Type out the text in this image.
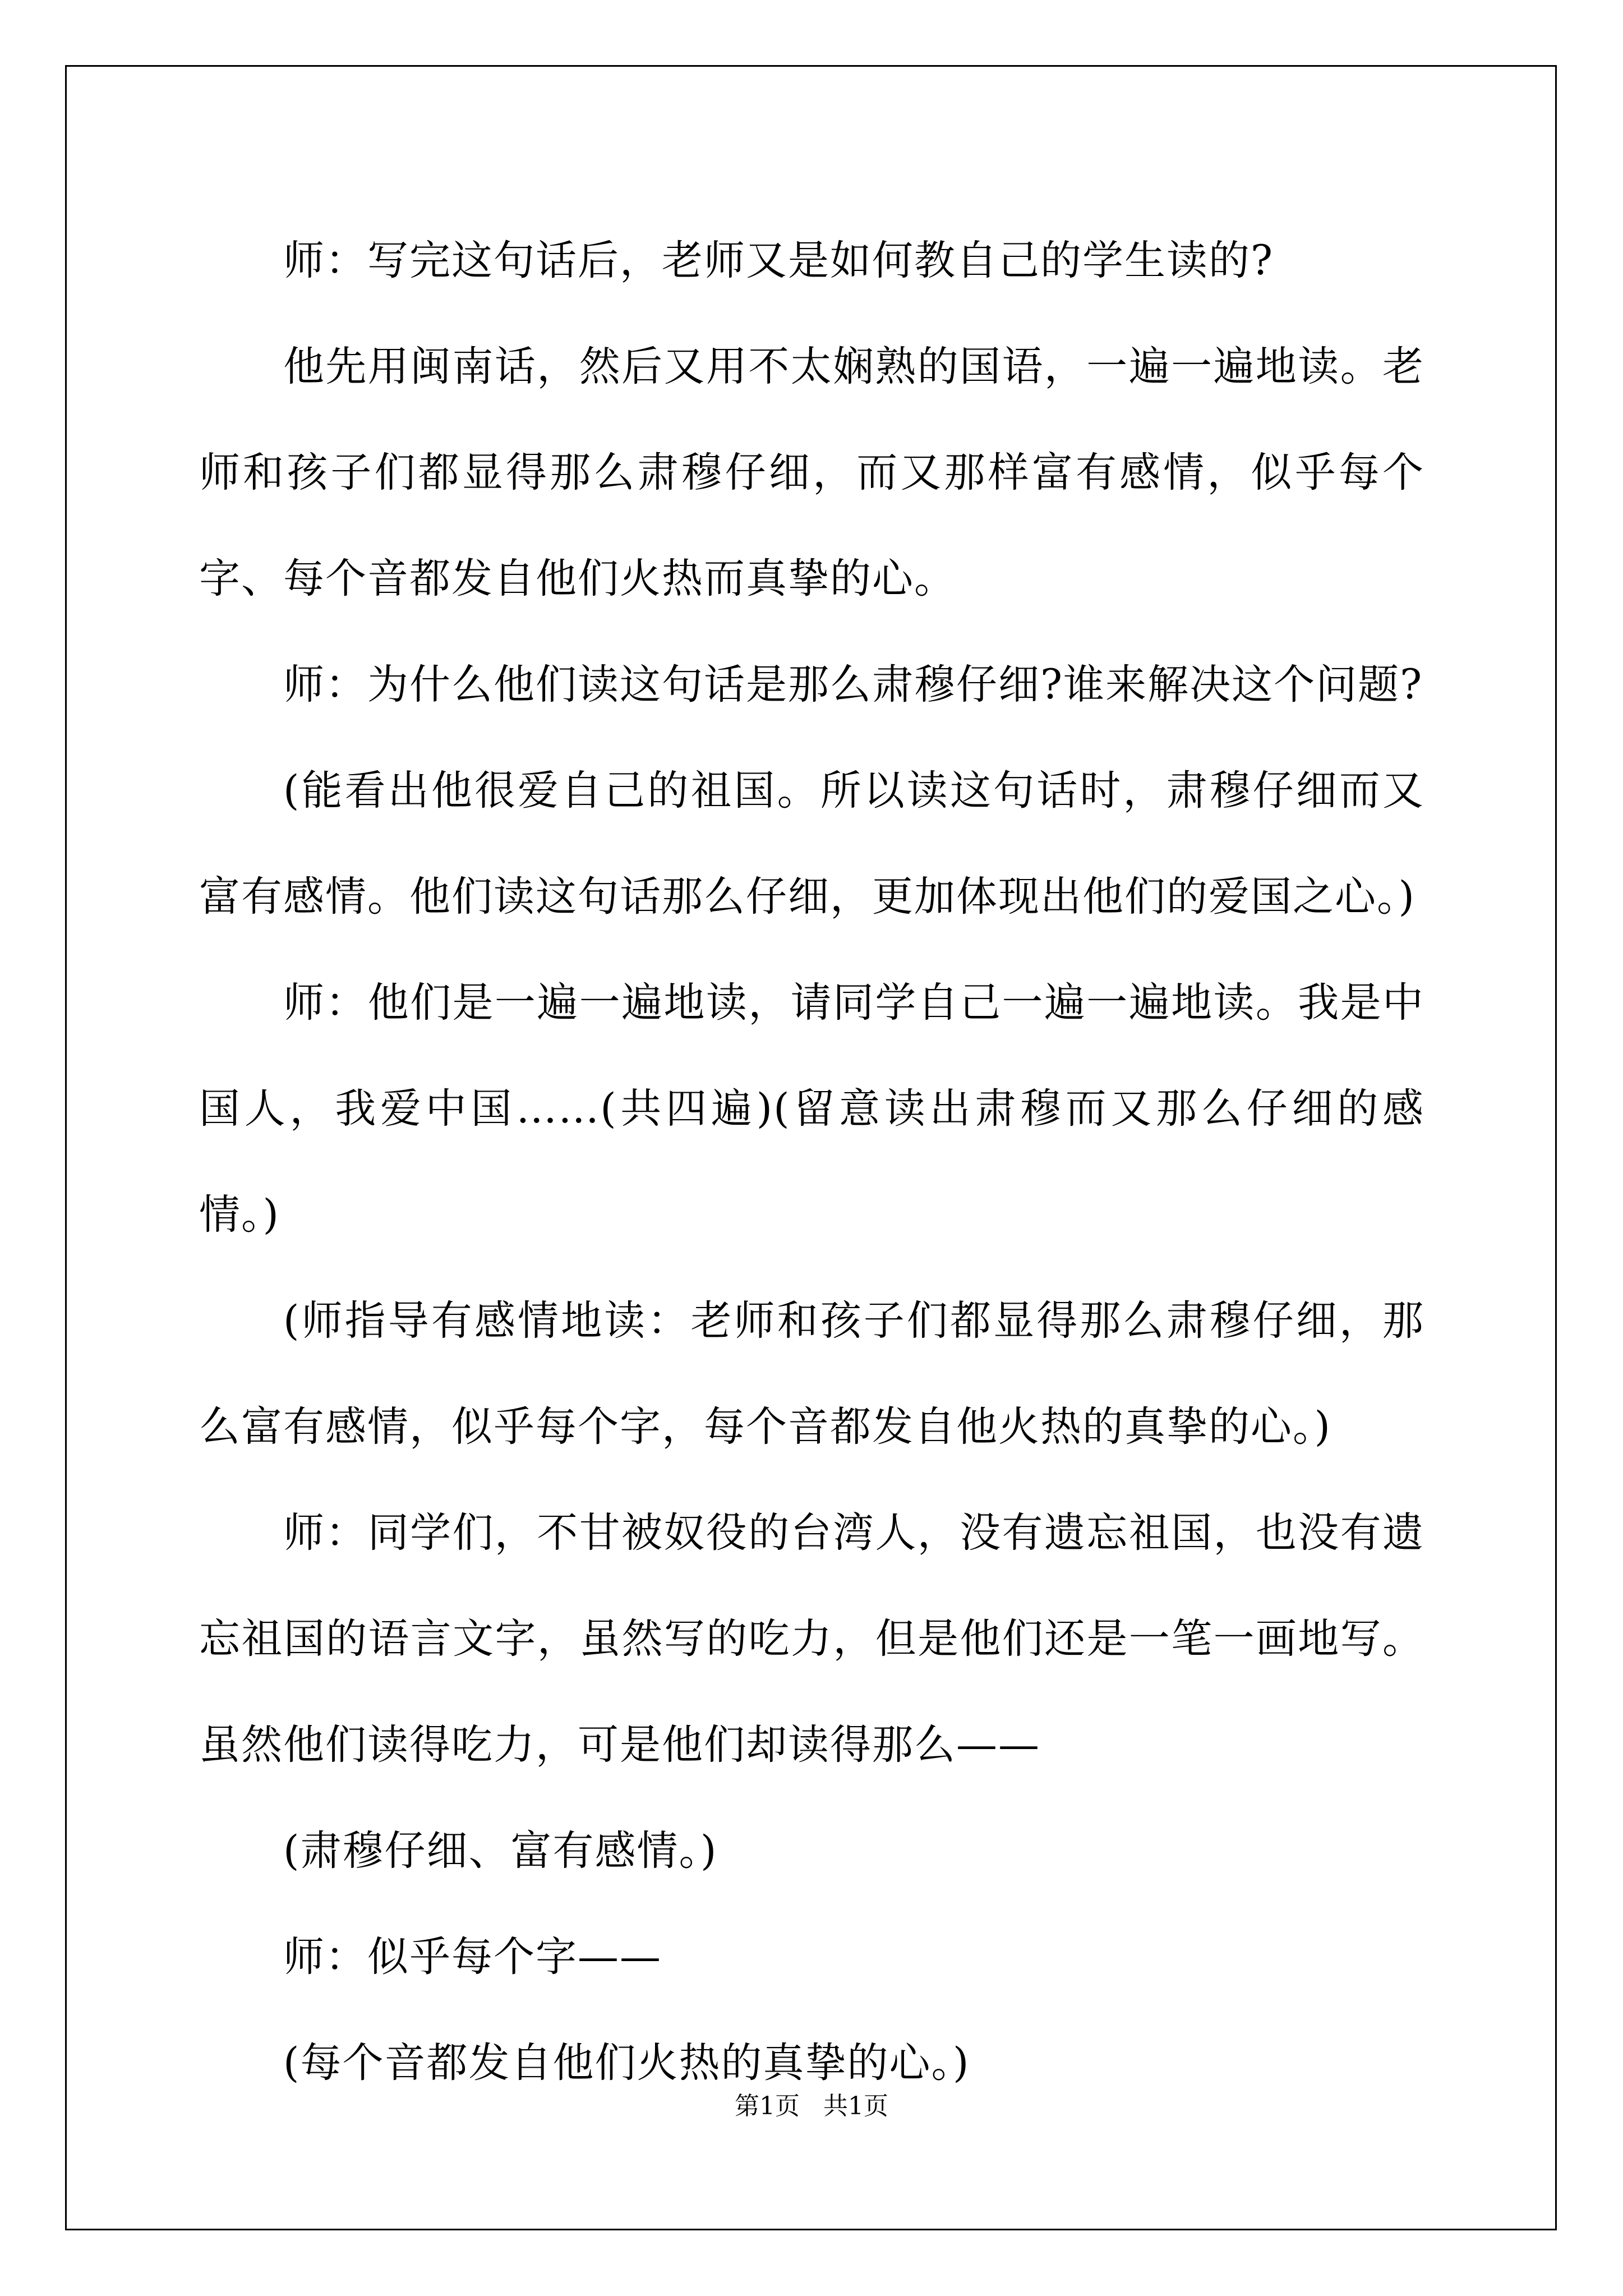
师：写完这句话后，老师又是如何教自己的学生读的?

他先用闽南话，然后又用不太娴熟的国语，一遍一遍地读。老师和孩子们都显得那么肃穆仔细，而又那样富有感情，似乎每个字、每个音都发自他们火热而真挚的心。

师：为什么他们读这句话是那么肃穆仔细?谁来解决这个问题?

(能看出他很爱自己的祖国。所以读这句话时，肃穆仔细而又富有感情。他们读这句话那么仔细，更加体现出他们的爱国之心。)

师：他们是一遍一遍地读，请同学自己一遍一遍地读。我是中国人，我爱中国……(共四遍)(留意读出肃穆而又那么仔细的感情。)

(师指导有感情地读：老师和孩子们都显得那么肃穆仔细，那么富有感情，似乎每个字，每个音都发自他火热的真挚的心。)

师：同学们，不甘被奴役的台湾人，没有遗忘祖国，也没有遗忘祖国的语言文字，虽然写的吃力，但是他们还是一笔一画地写。虽然他们读得吃力，可是他们却读得那么——

(肃穆仔细、富有感情。)

师：似乎每个字——

(每个音都发自他们火热的真挚的心。)

第1页 共1页
